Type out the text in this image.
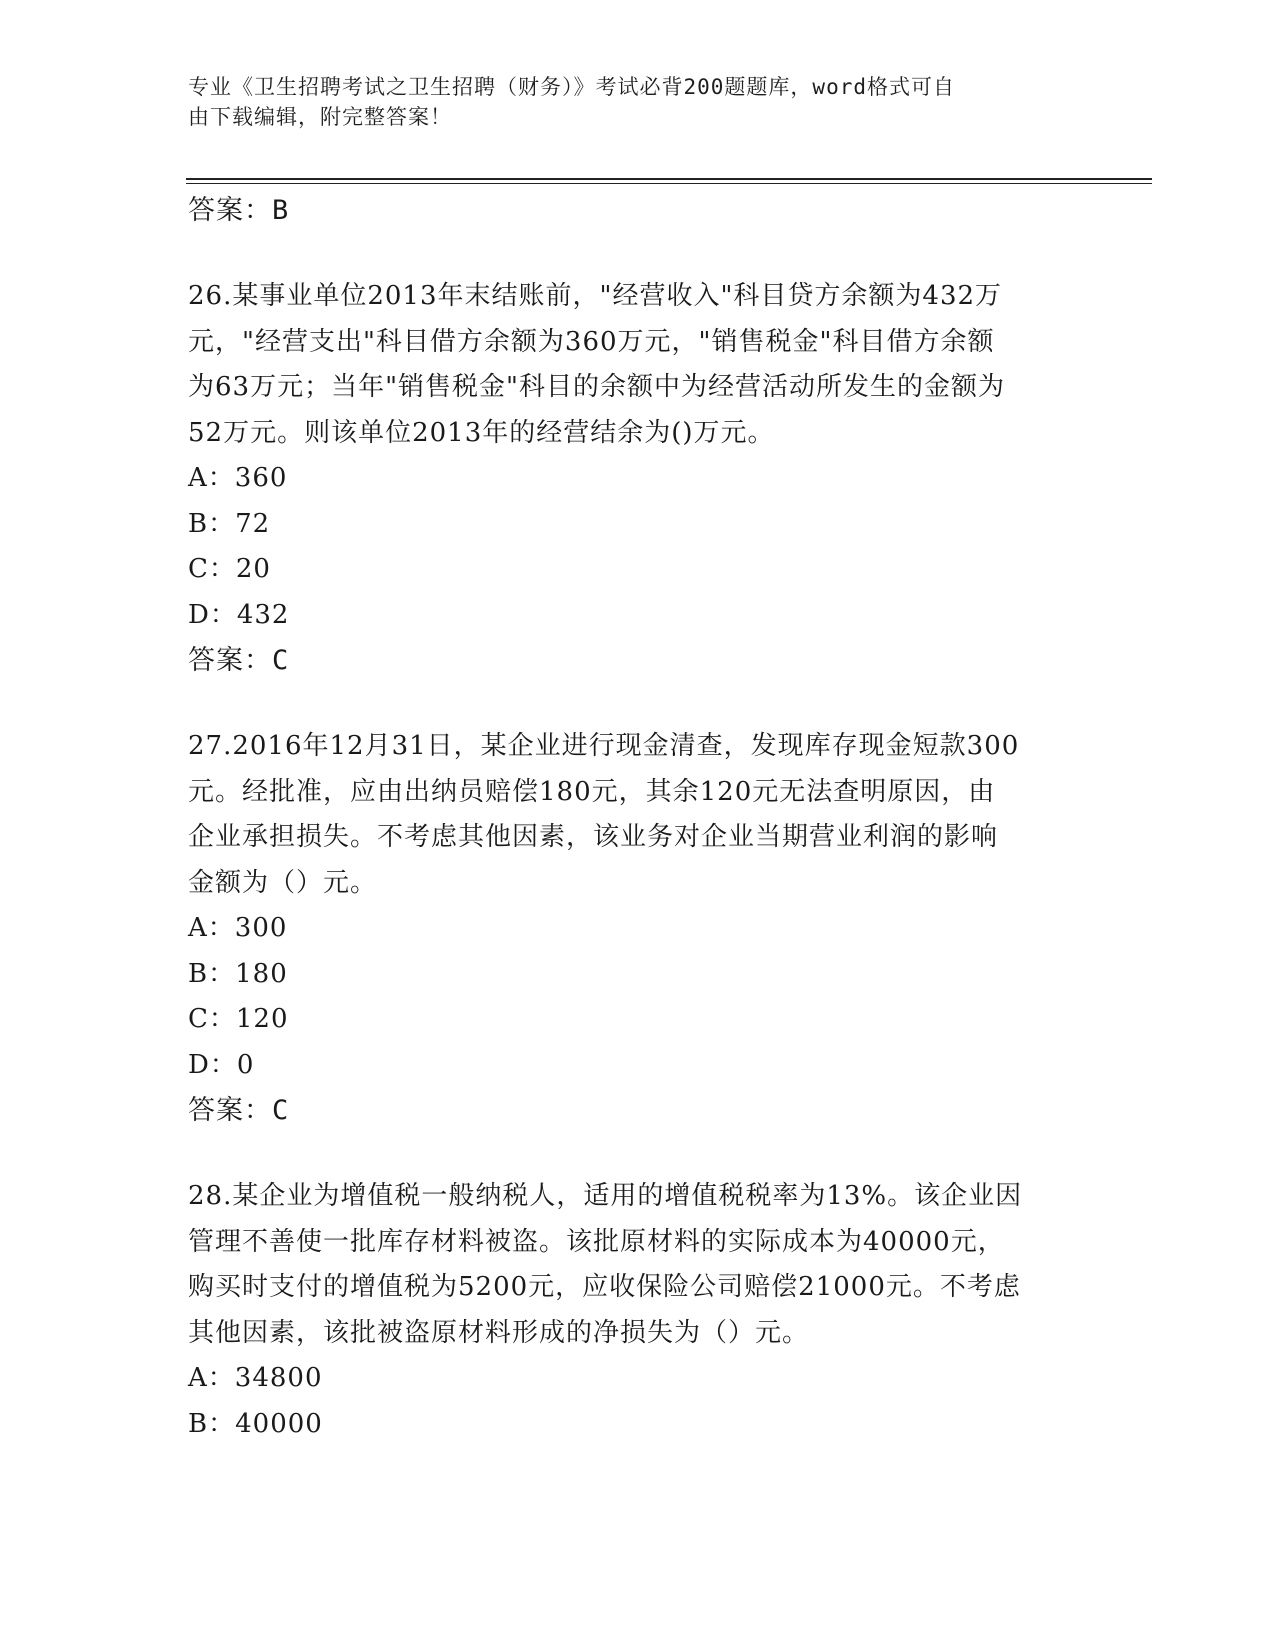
专业《卫生招聘考试之卫生招聘（财务）》考试必背200题题库，word格式可自
由下载编辑，附完整答案！

答案：B

26.某事业单位2013年末结账前，"经营收入"科目贷方余额为432万

元，"经营支出"科目借方余额为360万元，"销售税金"科目借方余额

为63万元；当年"销售税金"科目的余额中为经营活动所发生的金额为

52万元。则该单位2013年的经营结余为()万元。

A：360

B：72

C：20

D：432

答案：C

27.2016年12月31日，某企业进行现金清查，发现库存现金短款300

元。经批准，应由出纳员赔偿180元，其余120元无法查明原因，由

企业承担损失。不考虑其他因素，该业务对企业当期营业利润的影响

金额为（）元。

A：300

B：180

C：120

D：0

答案：C

28.某企业为增值税一般纳税人，适用的增值税税率为13%。该企业因

管理不善使一批库存材料被盗。该批原材料的实际成本为40000元，

购买时支付的增值税为5200元，应收保险公司赔偿21000元。不考虑

其他因素，该批被盗原材料形成的净损失为（）元。

A：34800

B：40000
